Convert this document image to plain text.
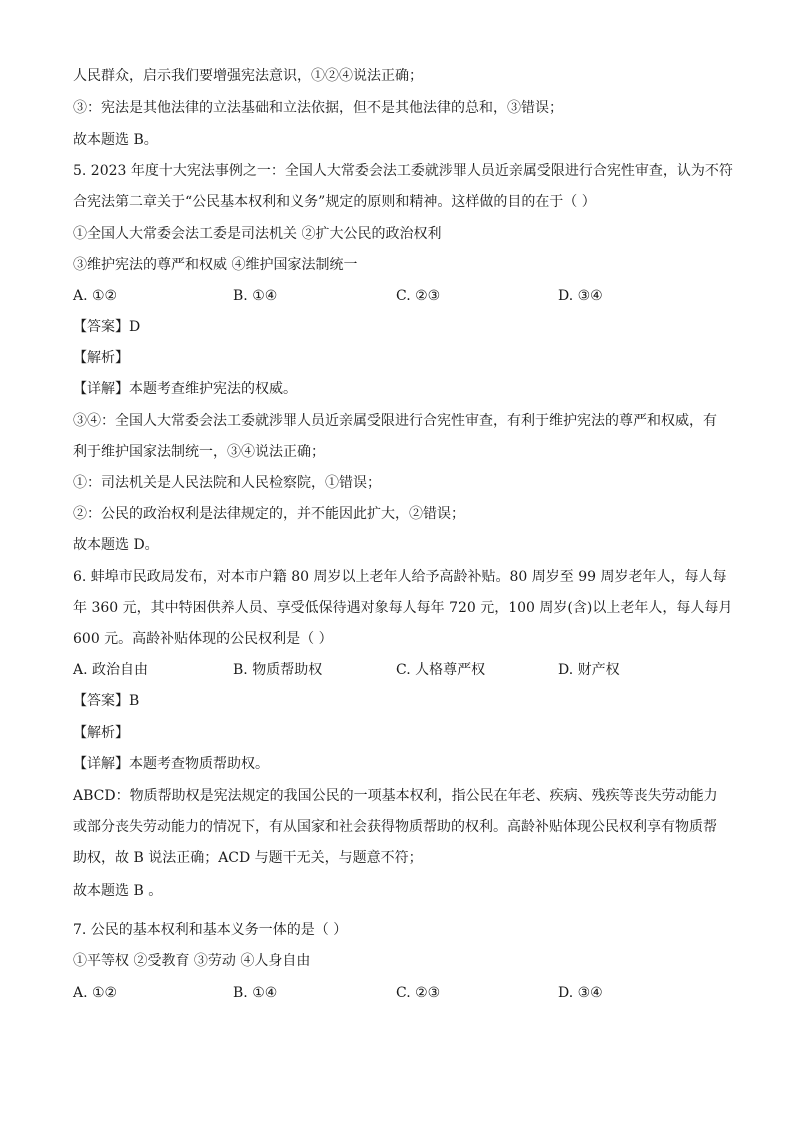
人民群众，启示我们要增强宪法意识，①②④说法正确；
③：宪法是其他法律的立法基础和立法依据，但不是其他法律的总和，③错误；
故本题选 B。
5. 2023 年度十大宪法事例之一：全国人大常委会法工委就涉罪人员近亲属受限进行合宪性审查，认为不符
合宪法第二章关于“公民基本权利和义务”规定的原则和精神。这样做的目的在于（ ）
①全国人大常委会法工委是司法机关 ②扩大公民的政治权利
③维护宪法的尊严和权威 ④维护国家法制统一
A. ①②	B. ①④	C. ②③	D. ③④
【答案】D
【解析】
【详解】本题考查维护宪法的权威。
③④：全国人大常委会法工委就涉罪人员近亲属受限进行合宪性审查，有利于维护宪法的尊严和权威，有
利于维护国家法制统一，③④说法正确；
①：司法机关是人民法院和人民检察院，①错误；
②：公民的政治权利是法律规定的，并不能因此扩大，②错误；
故本题选 D。
6. 蚌埠市民政局发布，对本市户籍 80 周岁以上老年人给予高龄补贴。80 周岁至 99 周岁老年人，每人每
年 360 元，其中特困供养人员、享受低保待遇对象每人每年 720 元，100 周岁(含)以上老年人，每人每月
600 元。高龄补贴体现的公民权利是（ ）
A. 政治自由	B. 物质帮助权	C. 人格尊严权	D. 财产权
【答案】B
【解析】
【详解】本题考查物质帮助权。
ABCD：物质帮助权是宪法规定的我国公民的一项基本权利，指公民在年老、疾病、残疾等丧失劳动能力
或部分丧失劳动能力的情况下，有从国家和社会获得物质帮助的权利。高龄补贴体现公民权利享有物质帮
助权，故 B 说法正确；ACD 与题干无关，与题意不符；
故本题选 B 。
7. 公民的基本权利和基本义务一体的是（ ）
①平等权 ②受教育 ③劳动 ④人身自由
A. ①②	B. ①④	C. ②③	D. ③④
